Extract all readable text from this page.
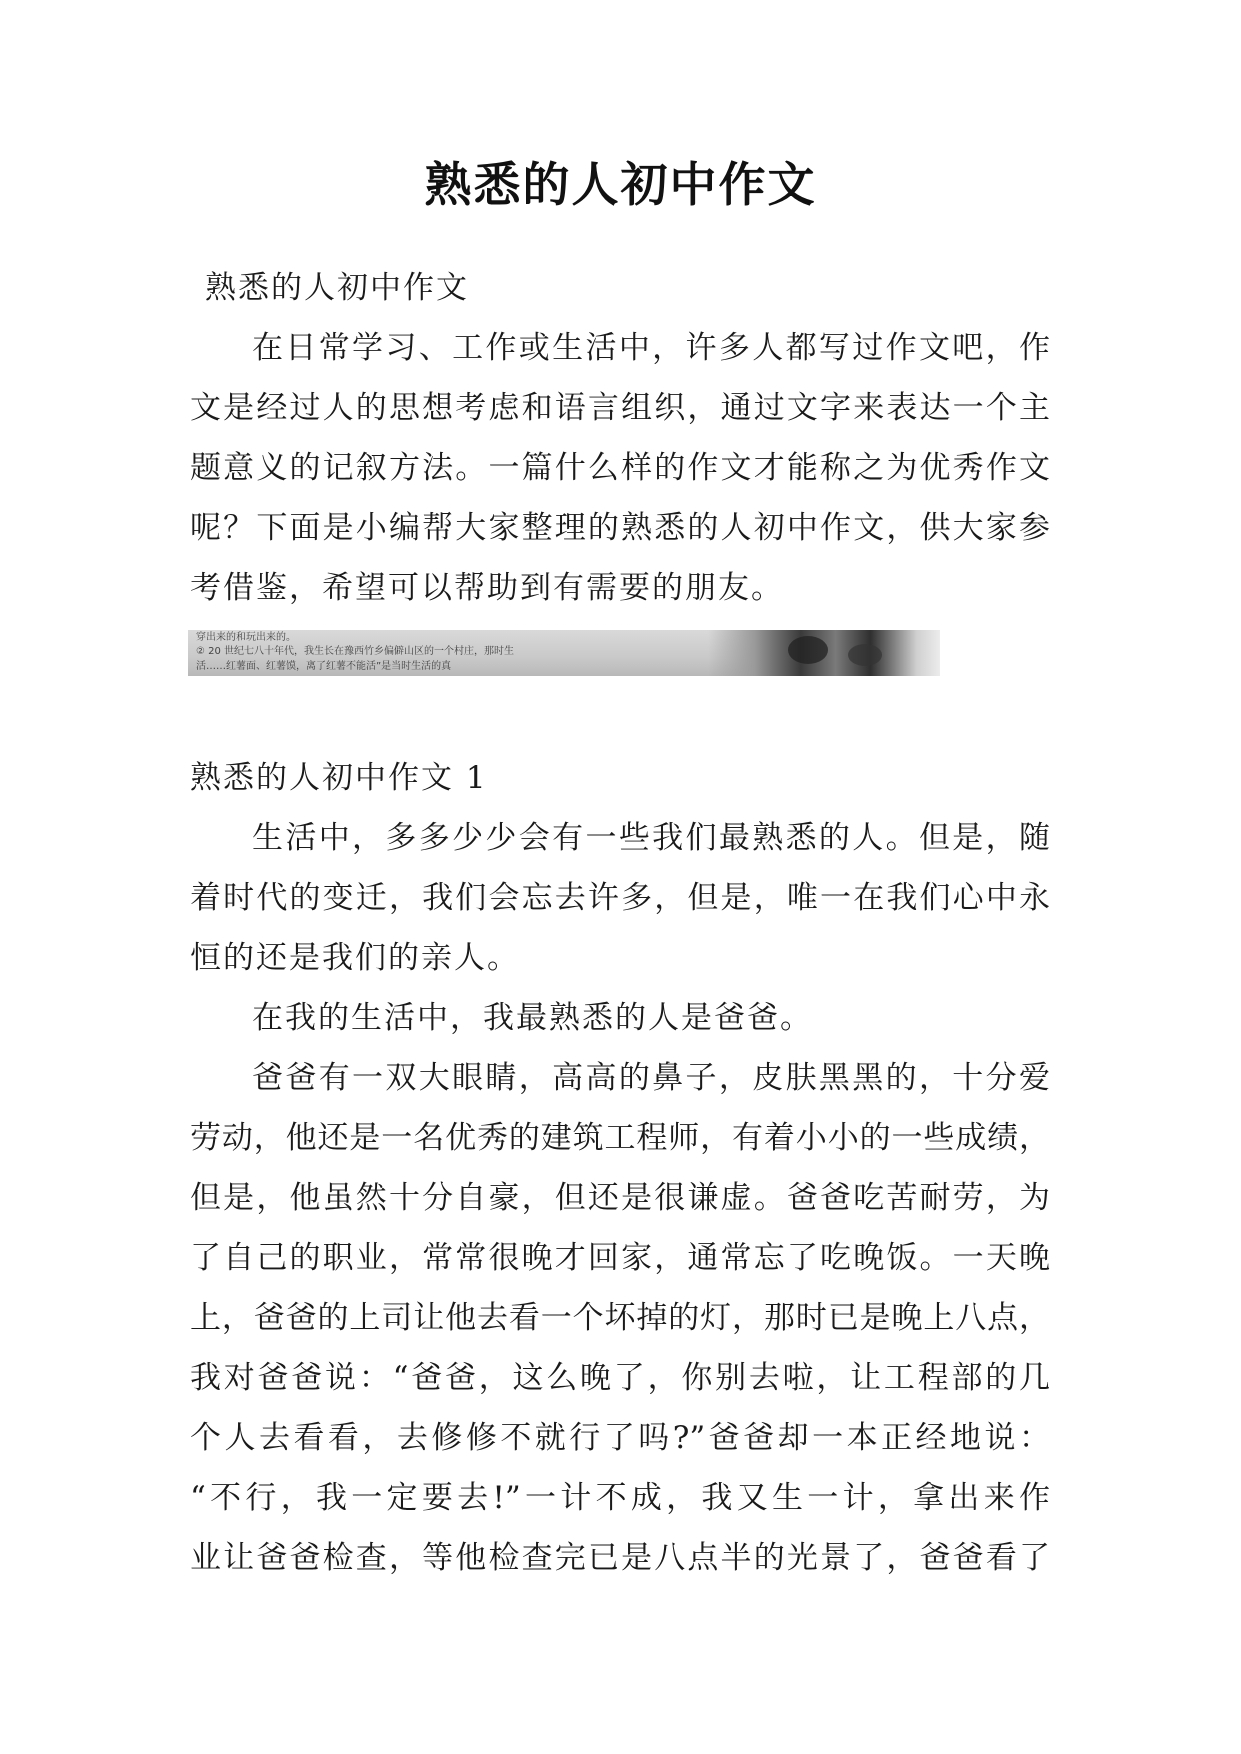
熟悉的人初中作文
熟悉的人初中作文
在日常学习、工作或生活中，许多人都写过作文吧，作
文是经过人的思想考虑和语言组织，通过文字来表达一个主
题意义的记叙方法。一篇什么样的作文才能称之为优秀作文
呢？下面是小编帮大家整理的熟悉的人初中作文，供大家参
考借鉴，希望可以帮助到有需要的朋友。
穿出来的和玩出来的。
② 20 世纪七八十年代，我生长在豫西竹乡偏僻山区的一个村庄，那时生
活……红薯面、红薯馍，离了红薯不能活”是当时生活的真
熟悉的人初中作文 1
生活中，多多少少会有一些我们最熟悉的人。但是，随
着时代的变迁，我们会忘去许多，但是，唯一在我们心中永
恒的还是我们的亲人。
在我的生活中，我最熟悉的人是爸爸。
爸爸有一双大眼睛，高高的鼻子，皮肤黑黑的，十分爱
劳动，他还是一名优秀的建筑工程师，有着小小的一些成绩，
但是，他虽然十分自豪，但还是很谦虚。爸爸吃苦耐劳，为
了自己的职业，常常很晚才回家，通常忘了吃晚饭。一天晚
上，爸爸的上司让他去看一个坏掉的灯，那时已是晚上八点，
我对爸爸说：“爸爸，这么晚了，你别去啦，让工程部的几
个人去看看，去修修不就行了吗?”爸爸却一本正经地说：
“不行，我一定要去!”一计不成，我又生一计，拿出来作
业让爸爸检查，等他检查完已是八点半的光景了，爸爸看了
